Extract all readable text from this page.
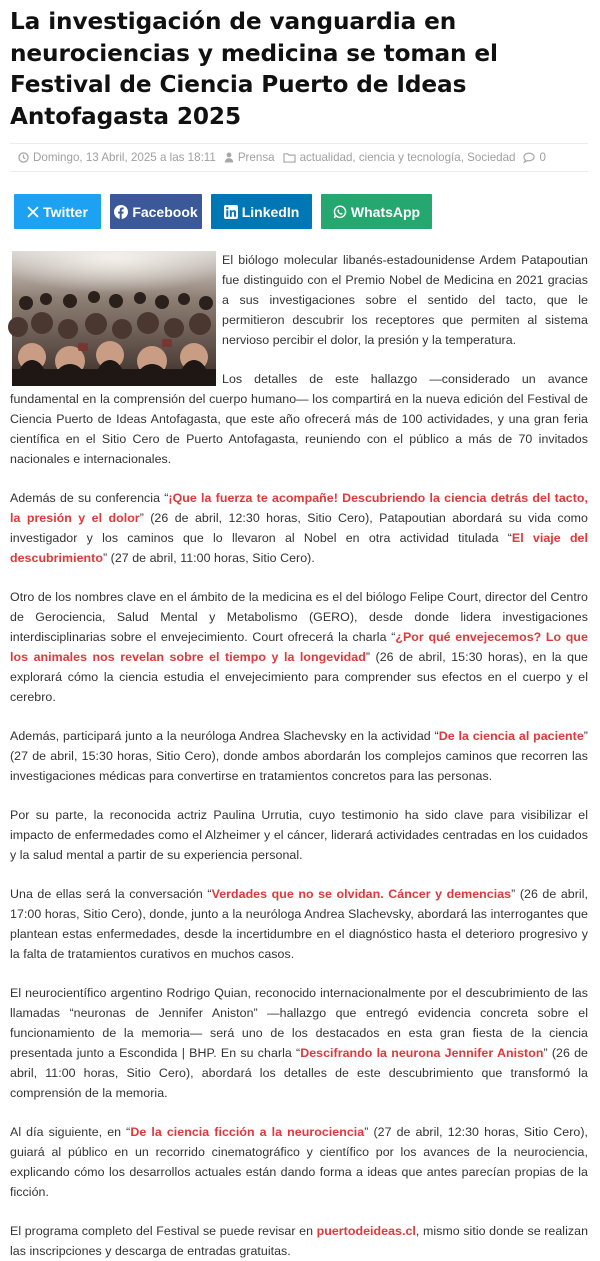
La investigación de vanguardia en neurociencias y medicina se toman el Festival de Ciencia Puerto de Ideas Antofagasta 2025
Domingo, 13 Abril, 2025 a las 18:11 Prensa actualidad, ciencia y tecnología, Sociedad 0
Twitter	Facebook	LinkedIn	WhatsApp

El biólogo molecular libanés-estadounidense Ardem Patapoutian fue distinguido con el Premio Nobel de Medicina en 2021 gracias a sus investigaciones sobre el sentido del tacto, que le permitieron descubrir los receptores que permiten al sistema nervioso percibir el dolor, la presión y la temperatura.

Los detalles de este hallazgo —considerado un avance fundamental en la comprensión del cuerpo humano— los compartirá en la nueva edición del Festival de Ciencia Puerto de Ideas Antofagasta, que este año ofrecerá más de 100 actividades, y una gran feria científica en el Sitio Cero de Puerto Antofagasta, reuniendo con el público a más de 70 invitados nacionales e internacionales.

Además de su conferencia “¡Que la fuerza te acompañe! Descubriendo la ciencia detrás del tacto, la presión y el dolor” (26 de abril, 12:30 horas, Sitio Cero), Patapoutian abordará su vida como investigador y los caminos que lo llevaron al Nobel en otra actividad titulada “El viaje del descubrimiento” (27 de abril, 11:00 horas, Sitio Cero).

Otro de los nombres clave en el ámbito de la medicina es el del biólogo Felipe Court, director del Centro de Gerociencia, Salud Mental y Metabolismo (GERO), desde donde lidera investigaciones interdisciplinarias sobre el envejecimiento. Court ofrecerá la charla “¿Por qué envejecemos? Lo que los animales nos revelan sobre el tiempo y la longevidad” (26 de abril, 15:30 horas), en la que explorará cómo la ciencia estudia el envejecimiento para comprender sus efectos en el cuerpo y el cerebro.

Además, participará junto a la neuróloga Andrea Slachevsky en la actividad “De la ciencia al paciente” (27 de abril, 15:30 horas, Sitio Cero), donde ambos abordarán los complejos caminos que recorren las investigaciones médicas para convertirse en tratamientos concretos para las personas.

Por su parte, la reconocida actriz Paulina Urrutia, cuyo testimonio ha sido clave para visibilizar el impacto de enfermedades como el Alzheimer y el cáncer, liderará actividades centradas en los cuidados y la salud mental a partir de su experiencia personal.

Una de ellas será la conversación “Verdades que no se olvidan. Cáncer y demencias” (26 de abril, 17:00 horas, Sitio Cero), donde, junto a la neuróloga Andrea Slachevsky, abordará las interrogantes que plantean estas enfermedades, desde la incertidumbre en el diagnóstico hasta el deterioro progresivo y la falta de tratamientos curativos en muchos casos.

El neurocientífico argentino Rodrigo Quian, reconocido internacionalmente por el descubrimiento de las llamadas “neuronas de Jennifer Aniston” —hallazgo que entregó evidencia concreta sobre el funcionamiento de la memoria— será uno de los destacados en esta gran fiesta de la ciencia presentada junto a Escondida | BHP. En su charla “Descifrando la neurona Jennifer Aniston” (26 de abril, 11:00 horas, Sitio Cero), abordará los detalles de este descubrimiento que transformó la comprensión de la memoria.

Al día siguiente, en “De la ciencia ficción a la neurociencia” (27 de abril, 12:30 horas, Sitio Cero), guiará al público en un recorrido cinematográfico y científico por los avances de la neurociencia, explicando cómo los desarrollos actuales están dando forma a ideas que antes parecían propias de la ficción.

El programa completo del Festival se puede revisar en puertodeideas.cl, mismo sitio donde se realizan las inscripciones y descarga de entradas gratuitas.
